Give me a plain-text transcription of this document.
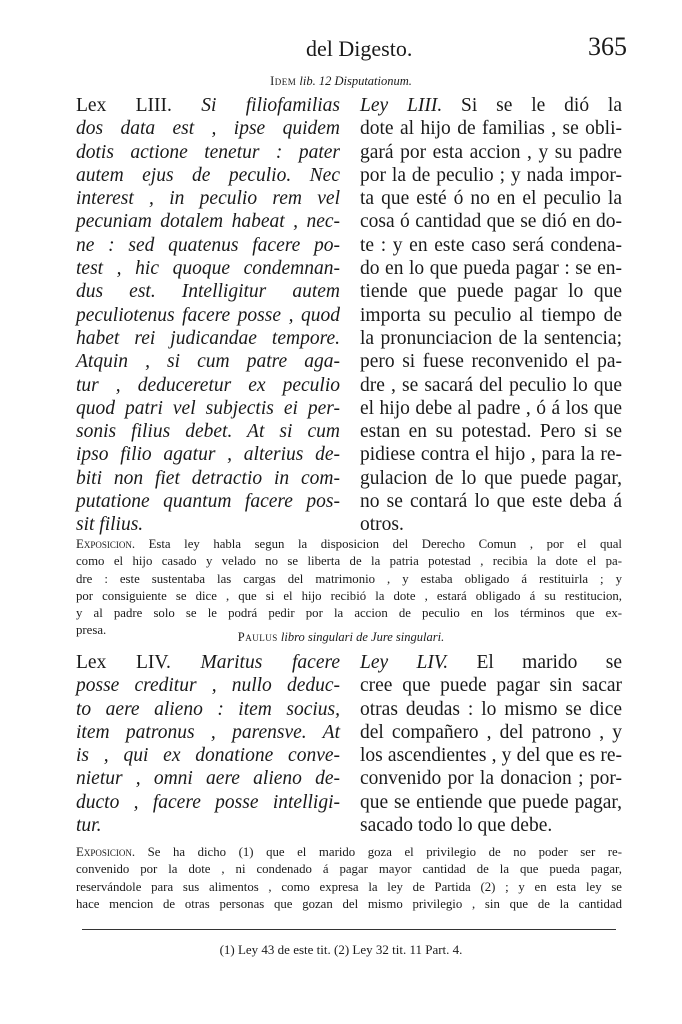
del Digesto.	365
Idem lib. 12 Disputationum.
Lex LIII. Si filiofamilias
dos data est , ipse quidem
dotis actione tenetur : pater
autem ejus de peculio. Nec
interest , in peculio rem vel
pecuniam dotalem habeat , nec-
ne : sed quatenus facere po-
test , hic quoque condemnan-
dus est. Intelligitur autem
peculiotenus facere posse , quod
habet rei judicandae tempore.
Atquin , si cum patre aga-
tur , deduceretur ex peculio
quod patri vel subjectis ei per-
sonis filius debet. At si cum
ipso filio agatur , alterius de-
biti non fiet detractio in com-
putatione quantum facere pos-
sit filius.
Ley LIII. Si se le dió la
dote al hijo de familias , se obli-
gará por esta accion , y su padre
por la de peculio ; y nada impor-
ta que esté ó no en el peculio la
cosa ó cantidad que se dió en do-
te : y en este caso será condena-
do en lo que pueda pagar : se en-
tiende que puede pagar lo que
importa su peculio al tiempo de
la pronunciacion de la sentencia;
pero si fuese reconvenido el pa-
dre , se sacará del peculio lo que
el hijo debe al padre , ó á los que
estan en su potestad. Pero si se
pidiese contra el hijo , para la re-
gulacion de lo que puede pagar,
no se contará lo que este deba á
otros.
Exposicion. Esta ley habla segun la disposicion del Derecho Comun , por el qual
como el hijo casado y velado no se liberta de la patria potestad , recibia la dote el pa-
dre : este sustentaba las cargas del matrimonio , y estaba obligado á restituirla ; y
por consiguiente se dice , que si el hijo recibió la dote , estará obligado á su restitucion,
y al padre solo se le podrá pedir por la accion de peculio en los términos que ex-
presa.	Paulus libro singulari de Jure singulari.
Lex LIV. Maritus facere
posse creditur , nullo deduc-
to aere alieno : item socius,
item patronus , parensve. At
is , qui ex donatione conve-
nietur , omni aere alieno de-
ducto , facere posse intelligi-
tur.
Ley LIV. El marido se
cree que puede pagar sin sacar
otras deudas : lo mismo se dice
del compañero , del patrono , y
los ascendientes , y del que es re-
convenido por la donacion ; por-
que se entiende que puede pagar,
sacado todo lo que debe.
Exposicion. Se ha dicho (1) que el marido goza el privilegio de no poder ser re-
convenido por la dote , ni condenado á pagar mayor cantidad de la que pueda pagar,
reservándole para sus alimentos , como expresa la ley de Partida (2) ; y en esta ley se
hace mencion de otras personas que gozan del mismo privilegio , sin que de la cantidad
(1) Ley 43 de este tit. (2) Ley 32 tit. 11 Part. 4.
